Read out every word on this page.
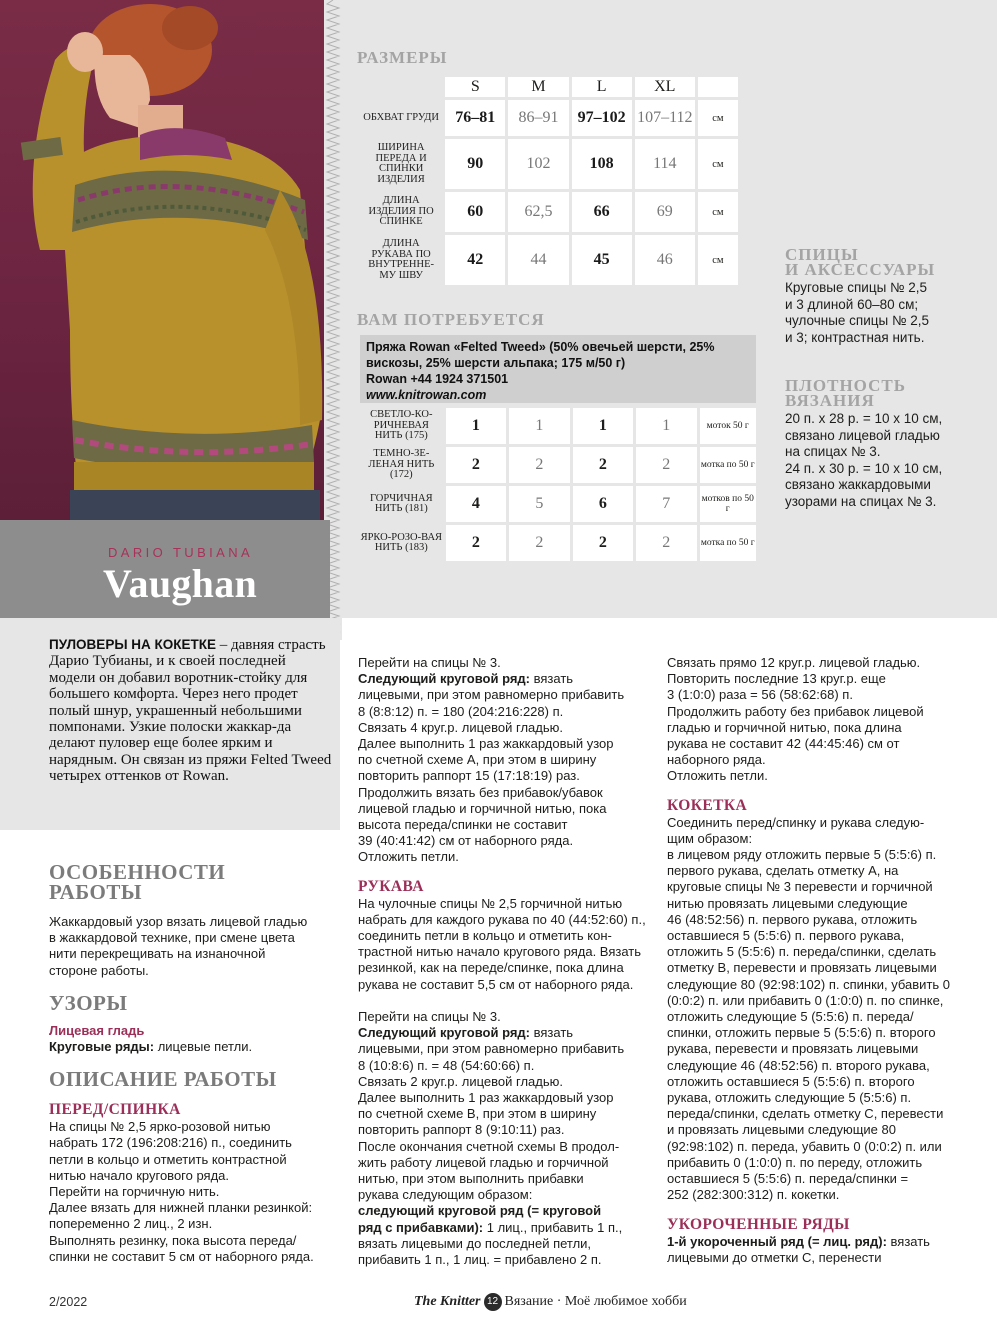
DARIO TUBIANA
Vaughan
РАЗМЕРЫ
	S	M	L	XL	
ОБХВАТ ГРУДИ	76–81	86–91	97–102	107–112	см
ШИРИНА ПЕРЕДА И СПИНКИ ИЗДЕЛИЯ	90	102	108	114	см
ДЛИНА ИЗДЕЛИЯ ПО СПИНКЕ	60	62,5	66	69	см
ДЛИНА РУКАВА ПО ВНУТРЕННЕ-МУ ШВУ	42	44	45	46	см
ВАМ ПОТРЕБУЕТСЯ
Пряжа Rowan «Felted Tweed» (50% овечьей шерсти, 25%
вискозы, 25% шерсти альпака; 175 м/50 г)
Rowan +44 1924 371501
www.knitrowan.com
СВЕТЛО-КО-РИЧНЕВАЯ НИТЬ (175)	1	1	1	1	моток 50 г
ТЕМНО-ЗЕ-ЛЕНАЯ НИТЬ (172)	2	2	2	2	мотка по 50 г
ГОРЧИЧНАЯ НИТЬ (181)	4	5	6	7	мотков по 50 г
ЯРКО-РОЗО-ВАЯ НИТЬ (183)	2	2	2	2	мотка по 50 г
СПИЦЫ
И АКСЕССУАРЫ
Круговые спицы № 2,5
и 3 длиной 60–80 см;
чулочные спицы № 2,5
и 3; контрастная нить.
ПЛОТНОСТЬ
ВЯЗАНИЯ
20 п. х 28 р. = 10 х 10 см,
связано лицевой гладью
на спицах № 3.
24 п. х 30 р. = 10 х 10 см,
связано жаккардовыми
узорами на спицах № 3.
ПУЛОВЕРЫ НА КОКЕТКЕ – давняя страсть Дарио Тубианы, и к своей последней модели он добавил воротник-стойку для большего комфорта. Через него продет полый шнур, украшенный небольшими помпонами. Узкие полоски жаккар-да делают пуловер еще более ярким и нарядным. Он связан из пряжи Felted Tweed четырех оттенков от Rowan.
ОСОБЕННОСТИ
РАБОТЫ

Жаккардовый узор вязать лицевой гладью

в жаккардовой технике, при смене цвета

нити перекрещивать на изнаночной

стороне работы.

УЗОРЫ

Лицевая гладь

Круговые ряды: лицевые петли.

ОПИСАНИЕ РАБОТЫ
ПЕРЕД/СПИНКА

На спицы № 2,5 ярко-розовой нитью

набрать 172 (196:208:216) п., соединить

петли в кольцо и отметить контрастной

нитью начало кругового ряда.

Перейти на горчичную нить.

Далее вязать для нижней планки резинкой:

попеременно 2 лиц., 2 изн.

Выполнять резинку, пока высота переда/

спинки не составит 5 см от наборного ряда.

Перейти на спицы № 3.

Следующий круговой ряд: вязать

лицевыми, при этом равномерно прибавить

8 (8:8:12) п. = 180 (204:216:228) п.

Связать 4 круг.р. лицевой гладью.

Далее выполнить 1 раз жаккардовый узор

по счетной схеме А, при этом в ширину

повторить раппорт 15 (17:18:19) раз.

Продолжить вязать без прибавок/убавок

лицевой гладью и горчичной нитью, пока

высота переда/спинки не составит

39 (40:41:42) см от наборного ряда.

Отложить петли.

РУКАВА

На чулочные спицы № 2,5 горчичной нитью

набрать для каждого рукава по 40 (44:52:60) п.,

соединить петли в кольцо и отметить кон-

трастной нитью начало кругового ряда. Вязать

резинкой, как на переде/спинке, пока длина

рукава не составит 5,5 см от наборного ряда.

Перейти на спицы № 3.

Следующий круговой ряд: вязать

лицевыми, при этом равномерно прибавить

8 (10:8:6) п. = 48 (54:60:66) п.

Связать 2 круг.р. лицевой гладью.

Далее выполнить 1 раз жаккардовый узор

по счетной схеме В, при этом в ширину

повторить раппорт 8 (9:10:11) раз.

После окончания счетной схемы В продол-

жить работу лицевой гладью и горчичной

нитью, при этом выполнить прибавки

рукава следующим образом:

следующий круговой ряд (= круговой

ряд с прибавками): 1 лиц., прибавить 1 п.,

вязать лицевыми до последней петли,

прибавить 1 п., 1 лиц. = прибавлено 2 п.

Связать прямо 12 круг.р. лицевой гладью.

Повторить последние 13 круг.р. еще

3 (1:0:0) раза = 56 (58:62:68) п.

Продолжить работу без прибавок лицевой

гладью и горчичной нитью, пока длина

рукава не составит 42 (44:45:46) см от

наборного ряда.

Отложить петли.

КОКЕТКА

Соединить перед/спинку и рукава следую-

щим образом:

в лицевом ряду отложить первые 5 (5:5:6) п.

первого рукава, сделать отметку А, на

круговые спицы № 3 перевести и горчичной

нитью провязать лицевыми следующие

46 (48:52:56) п. первого рукава, отложить

оставшиеся 5 (5:5:6) п. первого рукава,

отложить 5 (5:5:6) п. переда/спинки, сделать

отметку В, перевести и провязать лицевыми

следующие 80 (92:98:102) п. спинки, убавить 0

(0:0:2) п. или прибавить 0 (1:0:0) п. по спинке,

отложить следующие 5 (5:5:6) п. переда/

спинки, отложить первые 5 (5:5:6) п. второго

рукава, перевести и провязать лицевыми

следующие 46 (48:52:56) п. второго рукава,

отложить оставшиеся 5 (5:5:6) п. второго

рукава, отложить следующие 5 (5:5:6) п.

переда/спинки, сделать отметку С, перевести

и провязать лицевыми следующие 80

(92:98:102) п. переда, убавить 0 (0:0:2) п. или

прибавить 0 (1:0:0) п. по переду, отложить

оставшиеся 5 (5:5:6) п. переда/спинки =

252 (282:300:312) п. кокетки.

УКОРОЧЕННЫЕ РЯДЫ

1-й укороченный ряд (= лиц. ряд): вязать

лицевыми до отметки С, перенести

2/2022	The Knitter 12 Вязание · Моё любимое хобби
